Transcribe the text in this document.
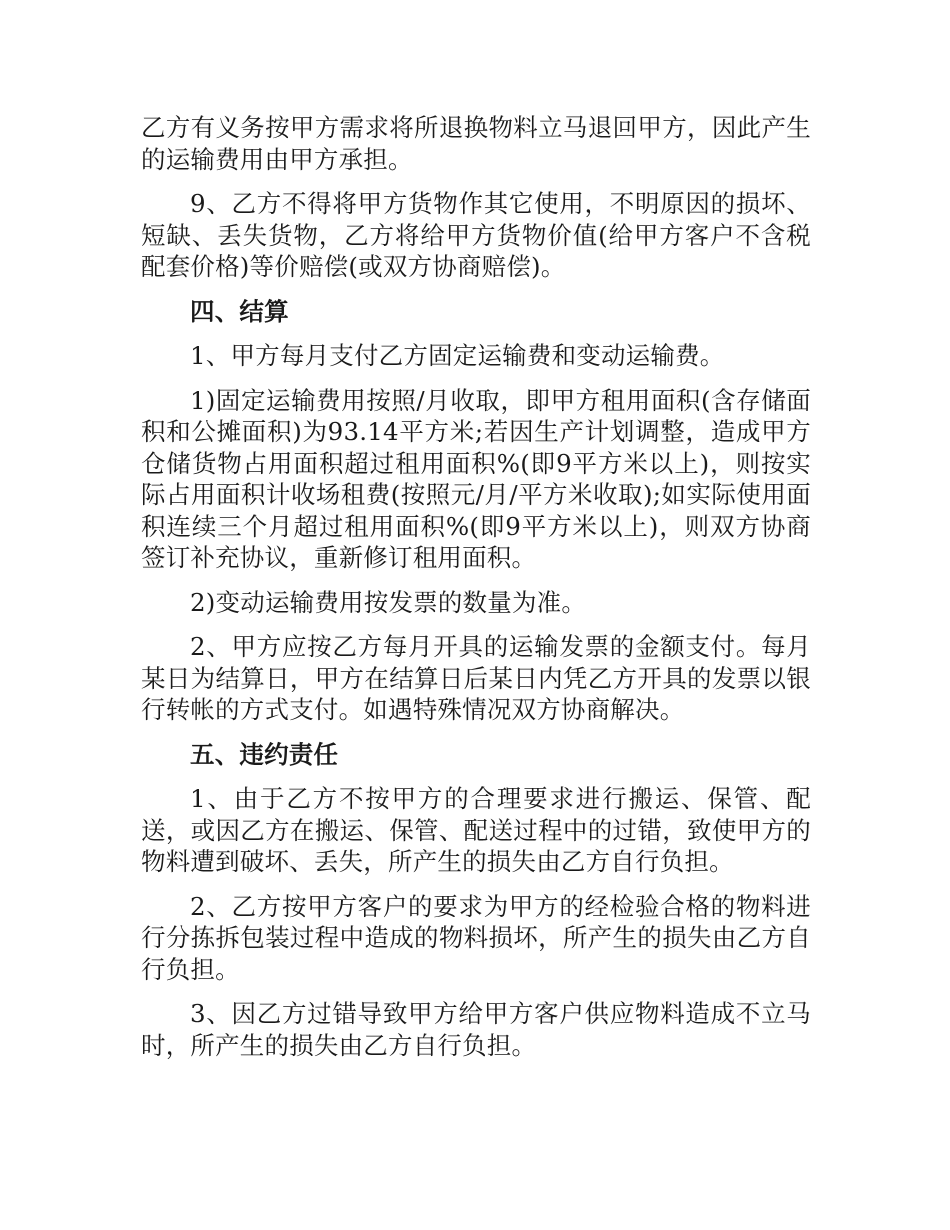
乙方有义务按甲方需求将所退换物料立马退回甲方，因此产生的运输费用由甲方承担。

9、乙方不得将甲方货物作其它使用，不明原因的损坏、短缺、丢失货物，乙方将给甲方货物价值(给甲方客户不含税配套价格)等价赔偿(或双方协商赔偿)。

四、结算

1、甲方每月支付乙方固定运输费和变动运输费。

1)固定运输费用按照/月收取，即甲方租用面积(含存储面积和公摊面积)为93.14平方米;若因生产计划调整，造成甲方仓储货物占用面积超过租用面积%(即9平方米以上)，则按实际占用面积计收场租费(按照元/月/平方米收取);如实际使用面积连续三个月超过租用面积%(即9平方米以上)，则双方协商签订补充协议，重新修订租用面积。

2)变动运输费用按发票的数量为准。

2、甲方应按乙方每月开具的运输发票的金额支付。每月某日为结算日，甲方在结算日后某日内凭乙方开具的发票以银行转帐的方式支付。如遇特殊情况双方协商解决。

五、违约责任

1、由于乙方不按甲方的合理要求进行搬运、保管、配送，或因乙方在搬运、保管、配送过程中的过错，致使甲方的物料遭到破坏、丢失，所产生的损失由乙方自行负担。

2、乙方按甲方客户的要求为甲方的经检验合格的物料进行分拣拆包装过程中造成的物料损坏，所产生的损失由乙方自行负担。

3、因乙方过错导致甲方给甲方客户供应物料造成不立马时，所产生的损失由乙方自行负担。
